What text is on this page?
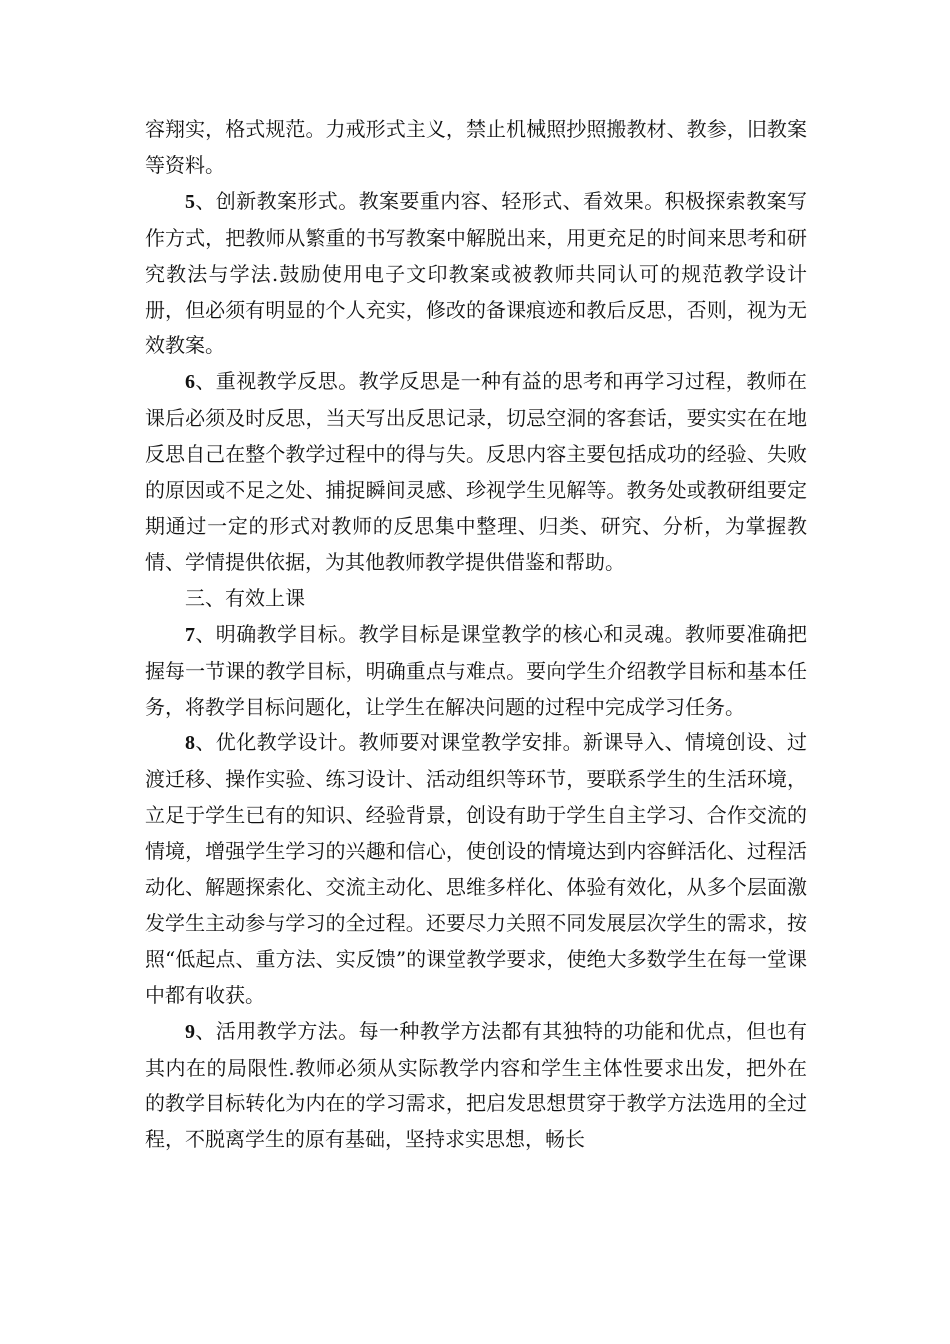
容翔实，格式规范。力戒形式主义，禁止机械照抄照搬教材、教参，旧教案等资料。

5、创新教案形式。教案要重内容、轻形式、看效果。积极探索教案写作方式，把教师从繁重的书写教案中解脱出来，用更充足的时间来思考和研究教法与学法.鼓励使用电子文印教案或被教师共同认可的规范教学设计册，但必须有明显的个人充实，修改的备课痕迹和教后反思，否则，视为无效教案。

6、重视教学反思。教学反思是一种有益的思考和再学习过程，教师在课后必须及时反思，当天写出反思记录，切忌空洞的客套话，要实实在在地反思自己在整个教学过程中的得与失。反思内容主要包括成功的经验、失败的原因或不足之处、捕捉瞬间灵感、珍视学生见解等。教务处或教研组要定期通过一定的形式对教师的反思集中整理、归类、研究、分析，为掌握教情、学情提供依据，为其他教师教学提供借鉴和帮助。

三、有效上课

7、明确教学目标。教学目标是课堂教学的核心和灵魂。教师要准确把握每一节课的教学目标，明确重点与难点。要向学生介绍教学目标和基本任务，将教学目标问题化，让学生在解决问题的过程中完成学习任务。

8、优化教学设计。教师要对课堂教学安排。新课导入、情境创设、过渡迁移、操作实验、练习设计、活动组织等环节，要联系学生的生活环境，立足于学生已有的知识、经验背景，创设有助于学生自主学习、合作交流的情境，增强学生学习的兴趣和信心，使创设的情境达到内容鲜活化、过程活动化、解题探索化、交流主动化、思维多样化、体验有效化，从多个层面激发学生主动参与学习的全过程。还要尽力关照不同发展层次学生的需求，按照“低起点、重方法、实反馈”的课堂教学要求，使绝大多数学生在每一堂课中都有收获。

9、活用教学方法。每一种教学方法都有其独特的功能和优点，但也有其内在的局限性.教师必须从实际教学内容和学生主体性要求出发，把外在的教学目标转化为内在的学习需求，把启发思想贯穿于教学方法选用的全过程，不脱离学生的原有基础，坚持求实思想，畅长
